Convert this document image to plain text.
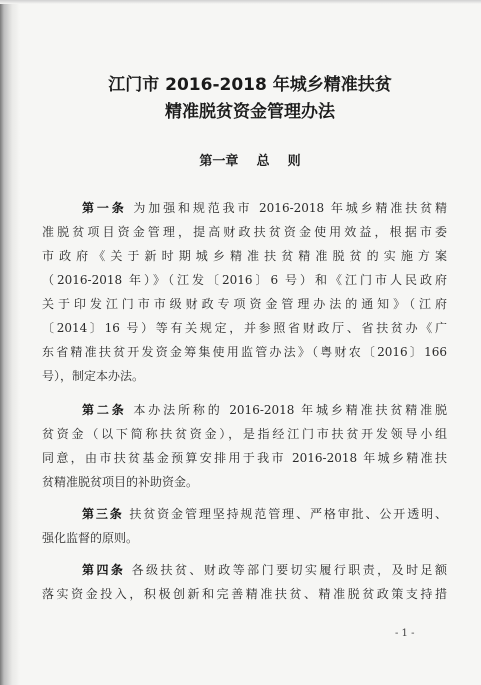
江门市 2016-2018 年城乡精准扶贫
精准脱贫资金管理办法
第一章    总    则
第一条 为加强和规范我市 2016-2018 年城乡精准扶贫精
准脱贫项目资金管理，提高财政扶贫资金使用效益，根据市委
市政府《关于新时期城乡精准扶贫精准脱贫的实施方案
（2016-2018 年）》（江发〔2016〕6 号）和《江门市人民政府
关于印发江门市市级财政专项资金管理办法的通知》（江府
〔2014〕16 号）等有关规定，并参照省财政厅、省扶贫办《广
东省精准扶贫开发资金筹集使用监管办法》（粤财农〔2016〕166
号），制定本办法。
第二条 本办法所称的 2016-2018 年城乡精准扶贫精准脱
贫资金（以下简称扶贫资金），是指经江门市扶贫开发领导小组
同意，由市扶贫基金预算安排用于我市 2016-2018 年城乡精准扶
贫精准脱贫项目的补助资金。
第三条 扶贫资金管理坚持规范管理、严格审批、公开透明、
强化监督的原则。
第四条 各级扶贫、财政等部门要切实履行职责，及时足额
落实资金投入，积极创新和完善精准扶贫、精准脱贫政策支持措
- 1 -
